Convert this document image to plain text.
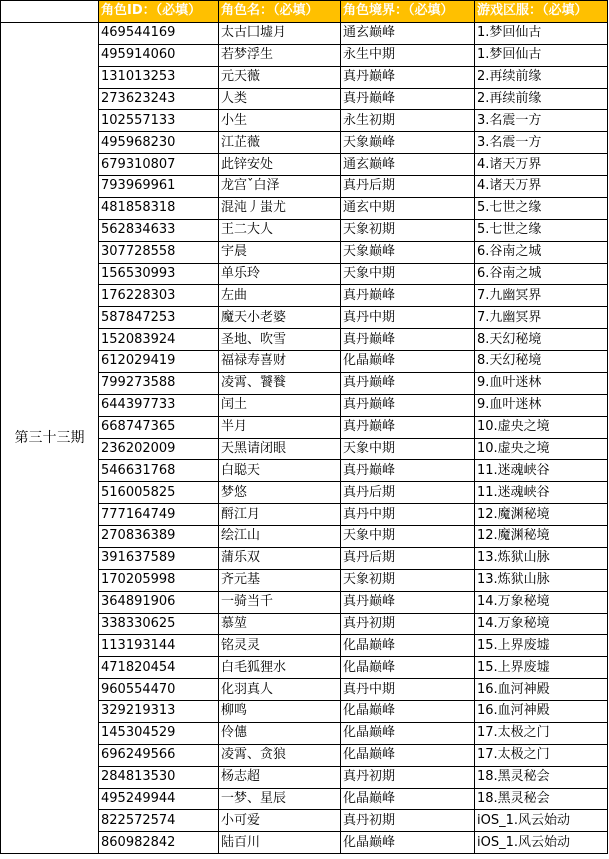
	角色ID：（必填）	角色名：（必填）	角色境界：（必填）	游戏区服：（必填）
第三十三期	469544169	太古囗墟月	通玄巅峰	1.梦回仙古
	495914060	若梦浮生	永生中期	1.梦回仙古
	131013253	元天薇	真丹巅峰	2.再续前缘
	273623243	人类	真丹巅峰	2.再续前缘
	102557133	小生	永生初期	3.名震一方
	495968230	江芷薇	天象巅峰	3.名震一方
	679310807	此锌安处	通玄巅峰	4.诸天万界
	793969961	龙宫ˇ白泽	真丹后期	4.诸天万界
	481858318	混沌丿蚩尤	通玄中期	5.七世之缘
	562834633	王二大人	天象初期	5.七世之缘
	307728558	宇晨	天象巅峰	6.谷南之城
	156530993	单乐玲	天象中期	6.谷南之城
	176228303	左曲	真丹巅峰	7.九幽冥界
	587847253	魔天小老婆	真丹中期	7.九幽冥界
	152083924	圣地、吹雪	真丹巅峰	8.天幻秘境
	612029419	福禄寿喜财	化晶巅峰	8.天幻秘境
	799273588	凌霄、饕餮	真丹巅峰	9.血叶迷林
	644397733	闰土	真丹巅峰	9.血叶迷林
	668747365	半月	真丹巅峰	10.虚央之境
	236202009	天黑请闭眼	天象中期	10.虚央之境
	546631768	白聪天	真丹巅峰	11.迷魂峡谷
	516005825	梦悠	真丹后期	11.迷魂峡谷
	777164749	酹江月	真丹中期	12.魔渊秘境
	270836389	绘江山	天象中期	12.魔渊秘境
	391637589	蒲乐双	真丹后期	13.炼狱山脉
	170205998	齐元基	天象初期	13.炼狱山脉
	364891906	一骑当千	真丹巅峰	14.万象秘境
	338330625	慕堃	真丹初期	14.万象秘境
	113193144	铭灵灵	化晶巅峰	15.上界废墟
	471820454	白毛狐狸水	化晶巅峰	15.上界废墟
	960554470	化羽真人	真丹中期	16.血河神殿
	329219313	柳鸣	化晶巅峰	16.血河神殿
	145304529	伶僡	化晶巅峰	17.太极之门
	696249566	凌霄、贪狼	化晶巅峰	17.太极之门
	284813530	杨志超	真丹初期	18.黑灵秘会
	495249944	一梦、星辰	化晶巅峰	18.黑灵秘会
	822572574	小可爱	真丹初期	iOS_1.风云始动
	860982842	陆百川	化晶巅峰	iOS_1.风云始动
